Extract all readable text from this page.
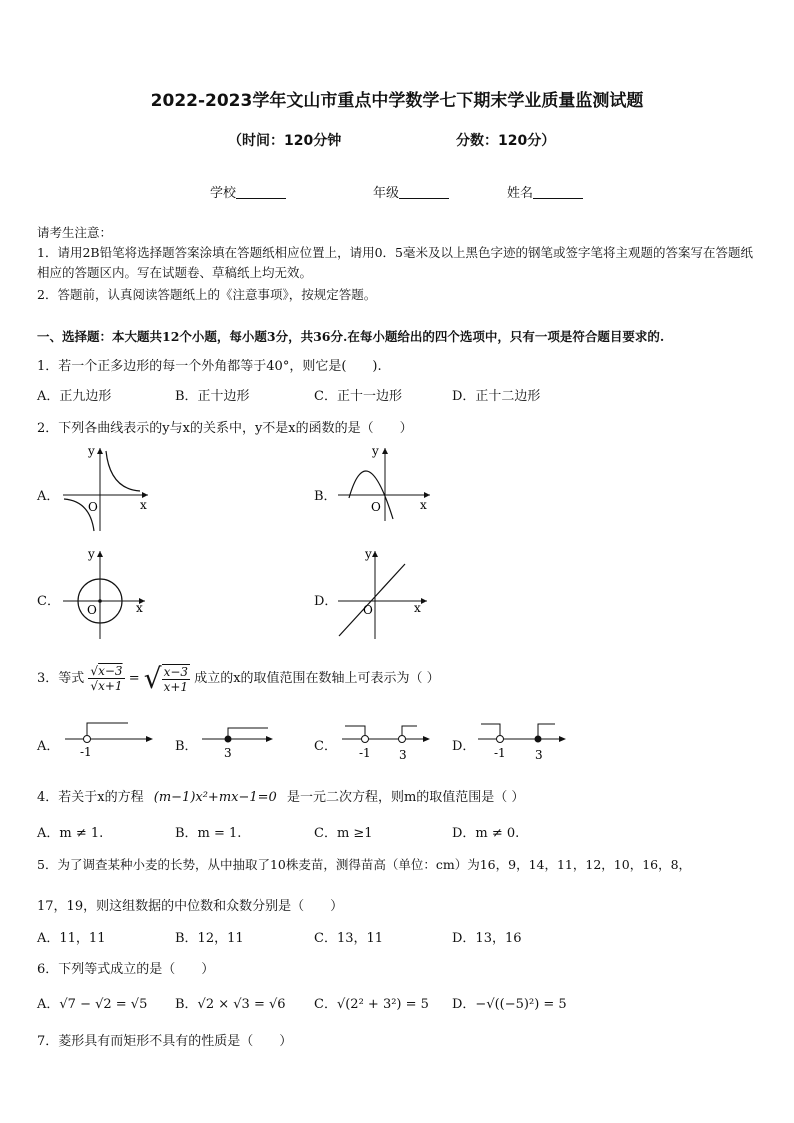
2022-2023学年文山市重点中学数学七下期末学业质量监测试题
（时间：120分钟	分数：120分）
学校	年级	姓名
请考生注意：
1．请用2B铅笔将选择题答案涂填在答题纸相应位置上，请用0．5毫米及以上黑色字迹的钢笔或签字笔将主观题的答案写在答题纸相应的答题区内。写在试题卷、草稿纸上均无效。
2．答题前，认真阅读答题纸上的《注意事项》，按规定答题。
一、选择题：本大题共12个小题，每小题3分，共36分.在每小题给出的四个选项中，只有一项是符合题目要求的.
1．若一个正多边形的每一个外角都等于40°，则它是(　　).
A．正九边形	B．正十边形	C．正十一边形	D．正十二边形
2．下列各曲线表示的y与x的关系中，y不是x的函数的是（　　）
A．	B．
C．	D．
y
x
O
y
x
O
y
x
O
y
x
O
3．等式 $\frac{√x-3}{√x+1}$ = √ $\frac{x-3}{x+1}$ 成立的x的取值范围在数轴上可表示为（ ）
A． -1	B． 3	C． -1 3
D． -1 3
4．若关于x的方程 (m−1)x²+mx−1=0 是一元二次方程，则m的取值范围是（ ）
A．m ≠ 1.	B．m = 1.	C．m ≥1	D．m ≠ 0.
5．为了调查某种小麦的长势，从中抽取了10株麦苗，测得苗高（单位：cm）为16，9，14，11，12，10，16，8，
17，19，则这组数据的中位数和众数分别是（　　）
A．11，11	B．12，11	C．13，11	D．13，16
6．下列等式成立的是（　　）
A．√7 − √2 = √5 B．√2 × √3 = √6 C．√(2² + 3²) = 5 D．−√((−5)²) = 5
7．菱形具有而矩形不具有的性质是（　　）
